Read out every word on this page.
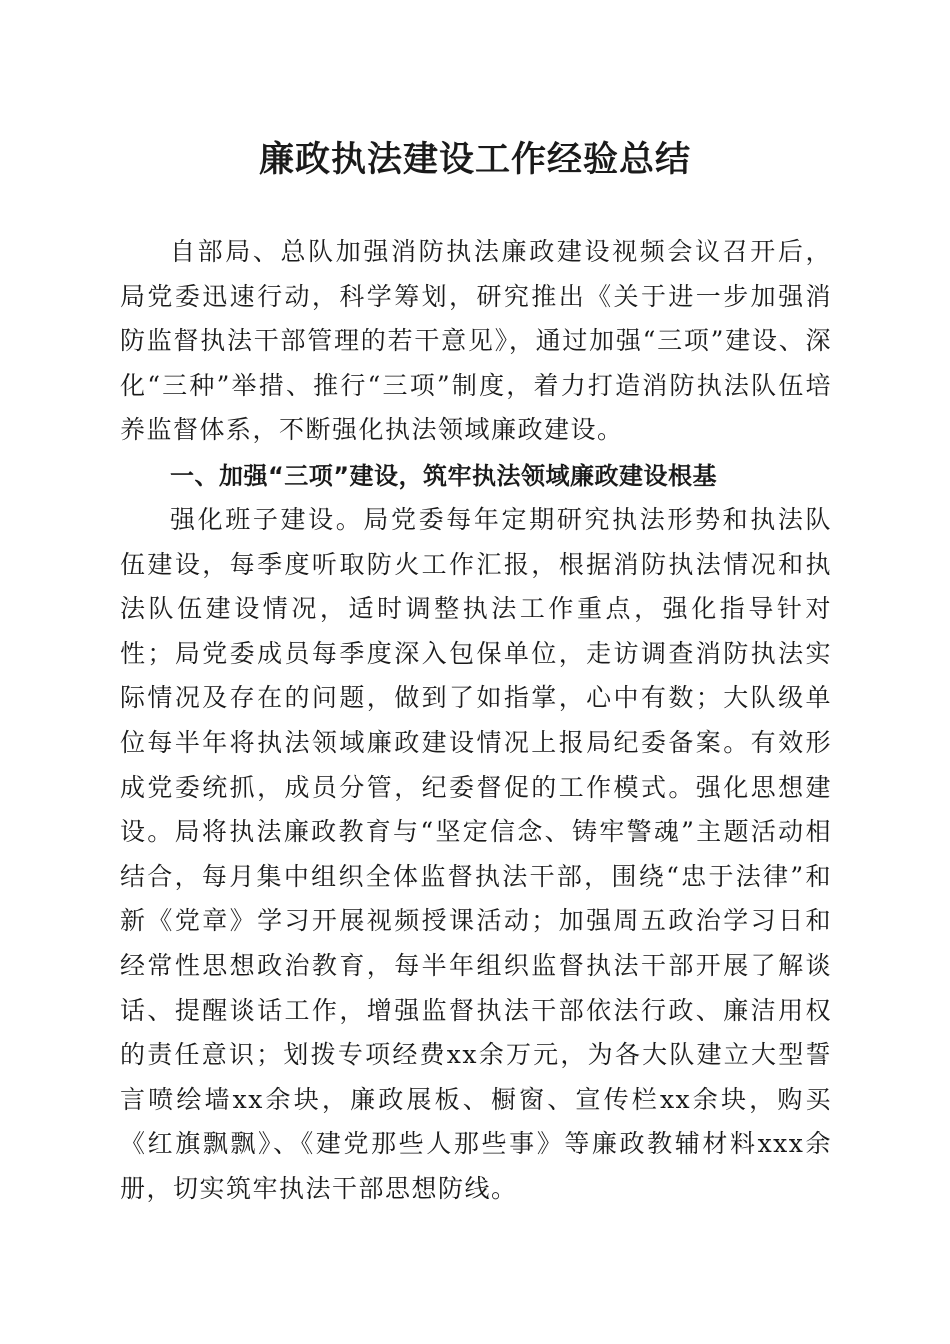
廉政执法建设工作经验总结

自部局、总队加强消防执法廉政建设视频会议召开后，局党委迅速行动，科学筹划，研究推出《关于进一步加强消防监督执法干部管理的若干意见》，通过加强“三项”建设、深化“三种”举措、推行“三项”制度，着力打造消防执法队伍培养监督体系，不断强化执法领域廉政建设。

一、加强“三项”建设，筑牢执法领域廉政建设根基

强化班子建设。局党委每年定期研究执法形势和执法队伍建设，每季度听取防火工作汇报，根据消防执法情况和执法队伍建设情况，适时调整执法工作重点，强化指导针对性；局党委成员每季度深入包保单位，走访调查消防执法实际情况及存在的问题，做到了如指掌，心中有数；大队级单位每半年将执法领域廉政建设情况上报局纪委备案。有效形成党委统抓，成员分管，纪委督促的工作模式。强化思想建设。局将执法廉政教育与“坚定信念、铸牢警魂”主题活动相结合，每月集中组织全体监督执法干部，围绕“忠于法律”和新《党章》学习开展视频授课活动；加强周五政治学习日和经常性思想政治教育，每半年组织监督执法干部开展了解谈话、提醒谈话工作，增强监督执法干部依法行政、廉洁用权的责任意识；划拨专项经费xx余万元，为各大队建立大型誓言喷绘墙xx余块，廉政展板、橱窗、宣传栏xx余块，购买《红旗飘飘》、《建党那些人那些事》等廉政教辅材料xxx余册，切实筑牢执法干部思想防线。
